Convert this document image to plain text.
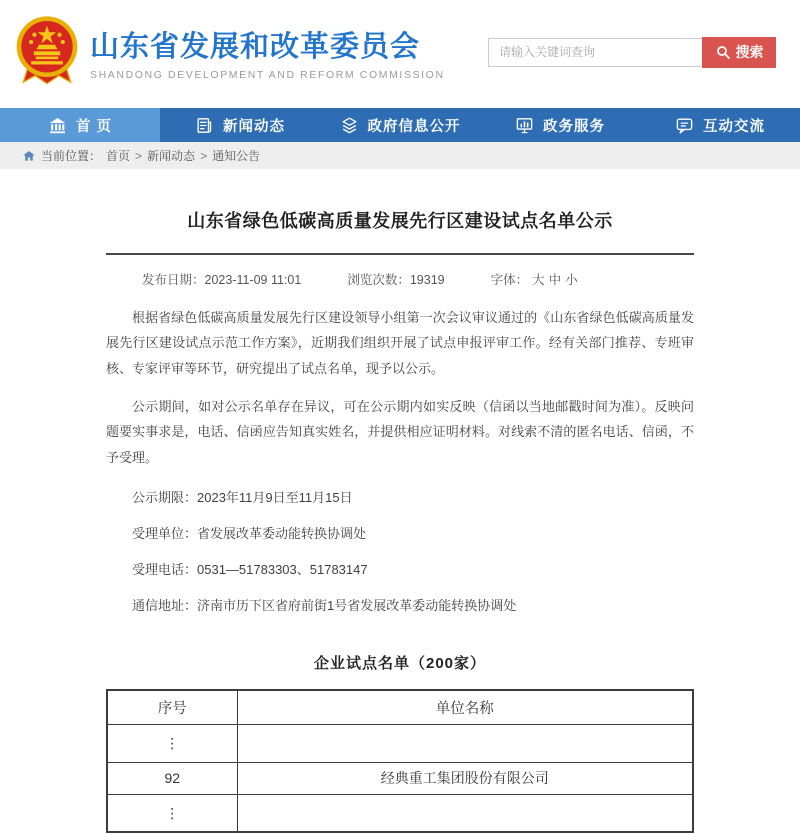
山东省发展和改革委员会
SHANDONG DEVELOPMENT AND REFORM COMMISSION
请输入关键词查询
搜索
首 页	新闻动态	政府信息公开	政务服务	互动交流
当前位置： 首页 > 新闻动态 > 通知公告
山东省绿色低碳高质量发展先行区建设试点名单公示
发布日期：2023-11-09 11:01	浏览次数：19319	字体： 大 中 小

根据省绿色低碳高质量发展先行区建设领导小组第一次会议审议通过的《山东省绿色低碳高质量发展先行区建设试点示范工作方案》，近期我们组织开展了试点申报评审工作。经有关部门推荐、专班审核、专家评审等环节，研究提出了试点名单，现予以公示。

公示期间，如对公示名单存在异议，可在公示期内如实反映（信函以当地邮戳时间为准）。反映问题要实事求是，电话、信函应告知真实姓名，并提供相应证明材料。对线索不清的匿名电话、信函，不予受理。

公示期限：2023年11月9日至11月15日

受理单位：省发展改革委动能转换协调处

受理电话：0531—51783303、51783147

通信地址：济南市历下区省府前街1号省发展改革委动能转换协调处

企业试点名单（200家）
序号	单位名称
⋮	
92	经典重工集团股份有限公司
⋮	
